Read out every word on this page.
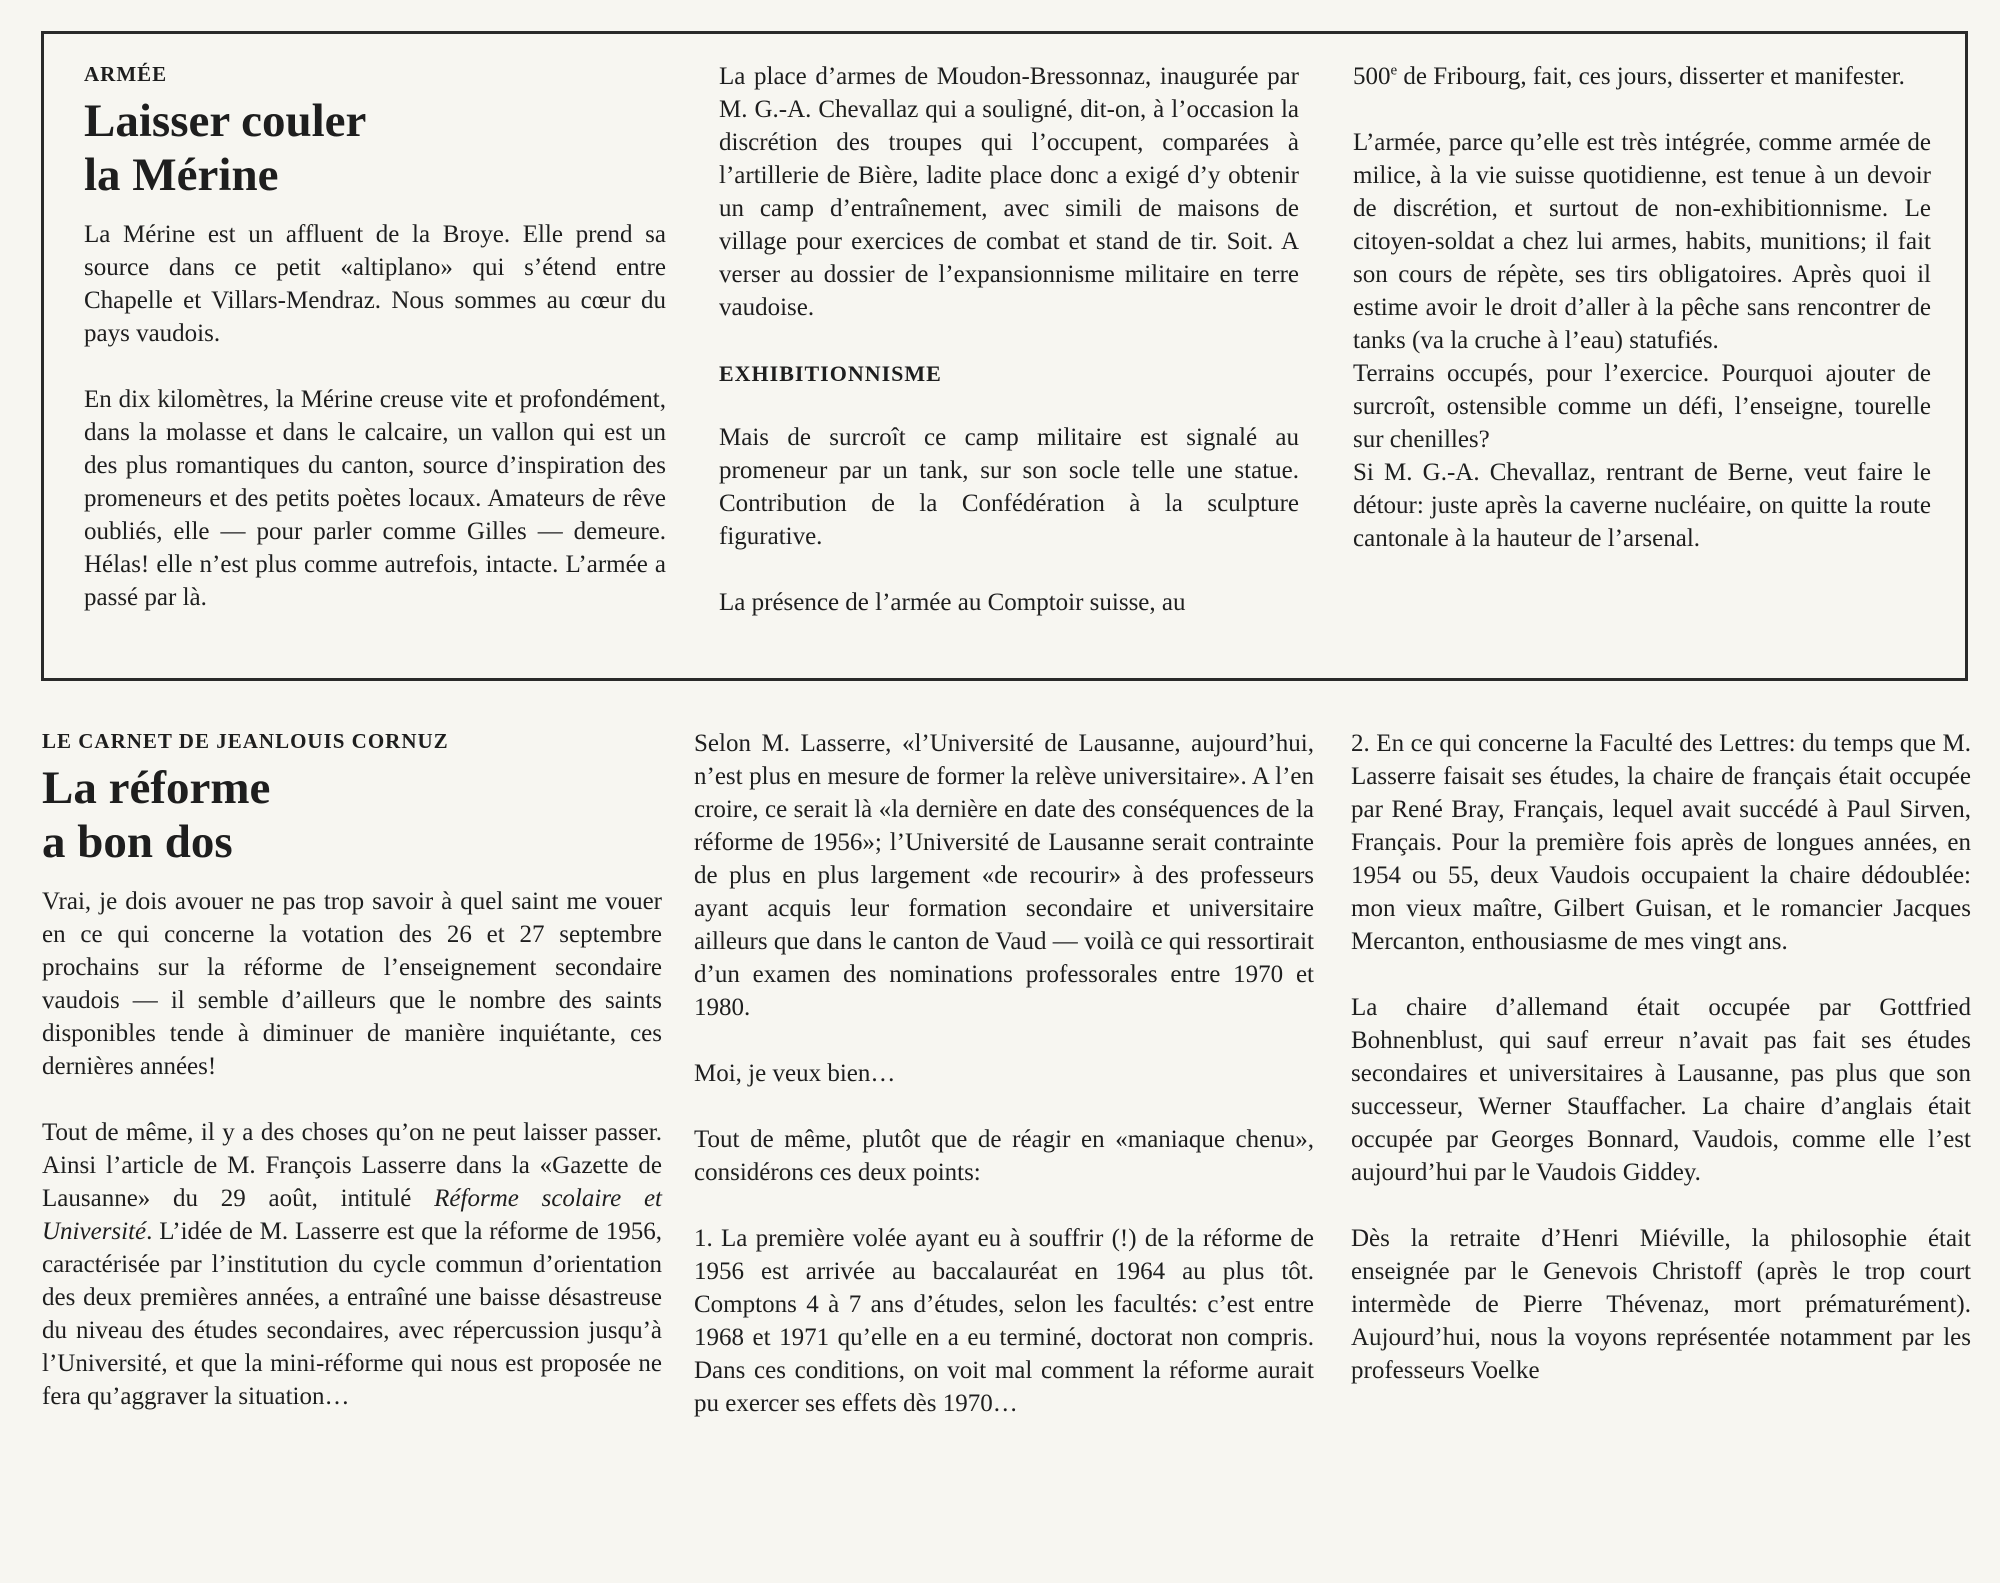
ARMÉE
Laisser couler
la Mérine

La Mérine est un affluent de la Broye. Elle prend sa source dans ce petit «altiplano» qui s’étend entre Chapelle et Villars-Mendraz. Nous sommes au cœur du pays vaudois.

En dix kilomètres, la Mérine creuse vite et profondément, dans la molasse et dans le calcaire, un vallon qui est un des plus romantiques du canton, source d’inspiration des promeneurs et des petits poètes locaux. Amateurs de rêve oubliés, elle — pour parler comme Gilles — demeure. Hélas! elle n’est plus comme autrefois, intacte. L’armée a passé par là.

La place d’armes de Moudon-Bressonnaz, inaugurée par M. G.-A. Chevallaz qui a souligné, dit-on, à l’occasion la discrétion des troupes qui l’occupent, comparées à l’artillerie de Bière, ladite place donc a exigé d’y obtenir un camp d’entraînement, avec simili de maisons de village pour exercices de combat et stand de tir. Soit. A verser au dossier de l’expansionnisme militaire en terre vaudoise.

EXHIBITIONNISME

Mais de surcroît ce camp militaire est signalé au promeneur par un tank, sur son socle telle une statue. Contribution de la Confédération à la sculpture figurative.

La présence de l’armée au Comptoir suisse, au

500e de Fribourg, fait, ces jours, disserter et manifester.

L’armée, parce qu’elle est très intégrée, comme armée de milice, à la vie suisse quotidienne, est tenue à un devoir de discrétion, et surtout de non-exhibitionnisme. Le citoyen-soldat a chez lui armes, habits, munitions; il fait son cours de répète, ses tirs obligatoires. Après quoi il estime avoir le droit d’aller à la pêche sans rencontrer de tanks (va la cruche à l’eau) statufiés.

Terrains occupés, pour l’exercice. Pourquoi ajouter de surcroît, ostensible comme un défi, l’enseigne, tourelle sur chenilles?

Si M. G.-A. Chevallaz, rentrant de Berne, veut faire le détour: juste après la caverne nucléaire, on quitte la route cantonale à la hauteur de l’arsenal.

LE CARNET DE JEANLOUIS CORNUZ
La réforme
a bon dos

Vrai, je dois avouer ne pas trop savoir à quel saint me vouer en ce qui concerne la votation des 26 et 27 septembre prochains sur la réforme de l’enseignement secondaire vaudois — il semble d’ailleurs que le nombre des saints disponibles tende à diminuer de manière inquiétante, ces dernières années!

Tout de même, il y a des choses qu’on ne peut laisser passer. Ainsi l’article de M. François Lasserre dans la «Gazette de Lausanne» du 29 août, intitulé Réforme scolaire et Université. L’idée de M. Lasserre est que la réforme de 1956, caractérisée par l’institution du cycle commun d’orientation des deux premières années, a entraîné une baisse désastreuse du niveau des études secondaires, avec répercussion jusqu’à l’Université, et que la mini-réforme qui nous est proposée ne fera qu’aggraver la situation…

Selon M. Lasserre, «l’Université de Lausanne, aujourd’hui, n’est plus en mesure de former la relève universitaire». A l’en croire, ce serait là «la dernière en date des conséquences de la réforme de 1956»; l’Université de Lausanne serait contrainte de plus en plus largement «de recourir» à des professeurs ayant acquis leur formation secondaire et universitaire ailleurs que dans le canton de Vaud — voilà ce qui ressortirait d’un examen des nominations professorales entre 1970 et 1980.

Moi, je veux bien…

Tout de même, plutôt que de réagir en «maniaque chenu», considérons ces deux points:

1. La première volée ayant eu à souffrir (!) de la réforme de 1956 est arrivée au baccalauréat en 1964 au plus tôt. Comptons 4 à 7 ans d’études, selon les facultés: c’est entre 1968 et 1971 qu’elle en a eu terminé, doctorat non compris. Dans ces conditions, on voit mal comment la réforme aurait pu exercer ses effets dès 1970…

2. En ce qui concerne la Faculté des Lettres: du temps que M. Lasserre faisait ses études, la chaire de français était occupée par René Bray, Français, lequel avait succédé à Paul Sirven, Français. Pour la première fois après de longues années, en 1954 ou 55, deux Vaudois occupaient la chaire dédoublée: mon vieux maître, Gilbert Guisan, et le romancier Jacques Mercanton, enthousiasme de mes vingt ans.

La chaire d’allemand était occupée par Gottfried Bohnenblust, qui sauf erreur n’avait pas fait ses études secondaires et universitaires à Lausanne, pas plus que son successeur, Werner Stauffacher. La chaire d’anglais était occupée par Georges Bonnard, Vaudois, comme elle l’est aujourd’hui par le Vaudois Giddey.

Dès la retraite d’Henri Miéville, la philosophie était enseignée par le Genevois Christoff (après le trop court intermède de Pierre Thévenaz, mort prématurément). Aujourd’hui, nous la voyons représentée notamment par les professeurs Voelke
